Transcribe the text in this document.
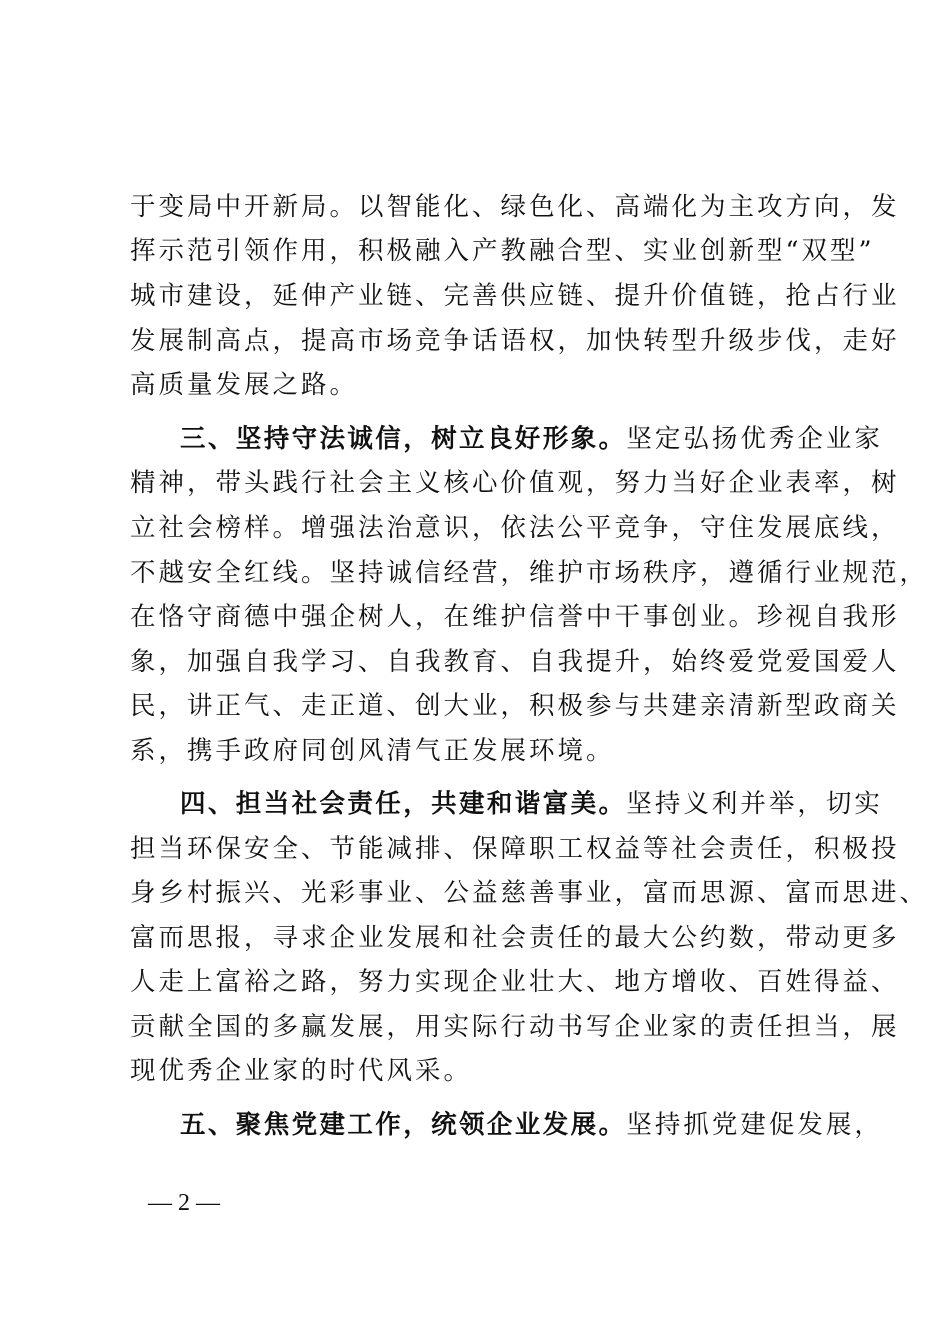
于变局中开新局。以智能化、绿色化、高端化为主攻方向，发
挥示范引领作用，积极融入产教融合型、实业创新型“双型”
城市建设，延伸产业链、完善供应链、提升价值链，抢占行业
发展制高点，提高市场竞争话语权，加快转型升级步伐，走好
高质量发展之路。
三、坚持守法诚信，树立良好形象。坚定弘扬优秀企业家
精神，带头践行社会主义核心价值观，努力当好企业表率，树
立社会榜样。增强法治意识，依法公平竞争，守住发展底线，
不越安全红线。坚持诚信经营，维护市场秩序，遵循行业规范，
在恪守商德中强企树人，在维护信誉中干事创业。珍视自我形
象，加强自我学习、自我教育、自我提升，始终爱党爱国爱人
民，讲正气、走正道、创大业，积极参与共建亲清新型政商关
系，携手政府同创风清气正发展环境。
四、担当社会责任，共建和谐富美。坚持义利并举，切实
担当环保安全、节能减排、保障职工权益等社会责任，积极投
身乡村振兴、光彩事业、公益慈善事业，富而思源、富而思进、
富而思报，寻求企业发展和社会责任的最大公约数，带动更多
人走上富裕之路，努力实现企业壮大、地方增收、百姓得益、
贡献全国的多赢发展，用实际行动书写企业家的责任担当，展
现优秀企业家的时代风采。
五、聚焦党建工作，统领企业发展。坚持抓党建促发展，
— 2 —
